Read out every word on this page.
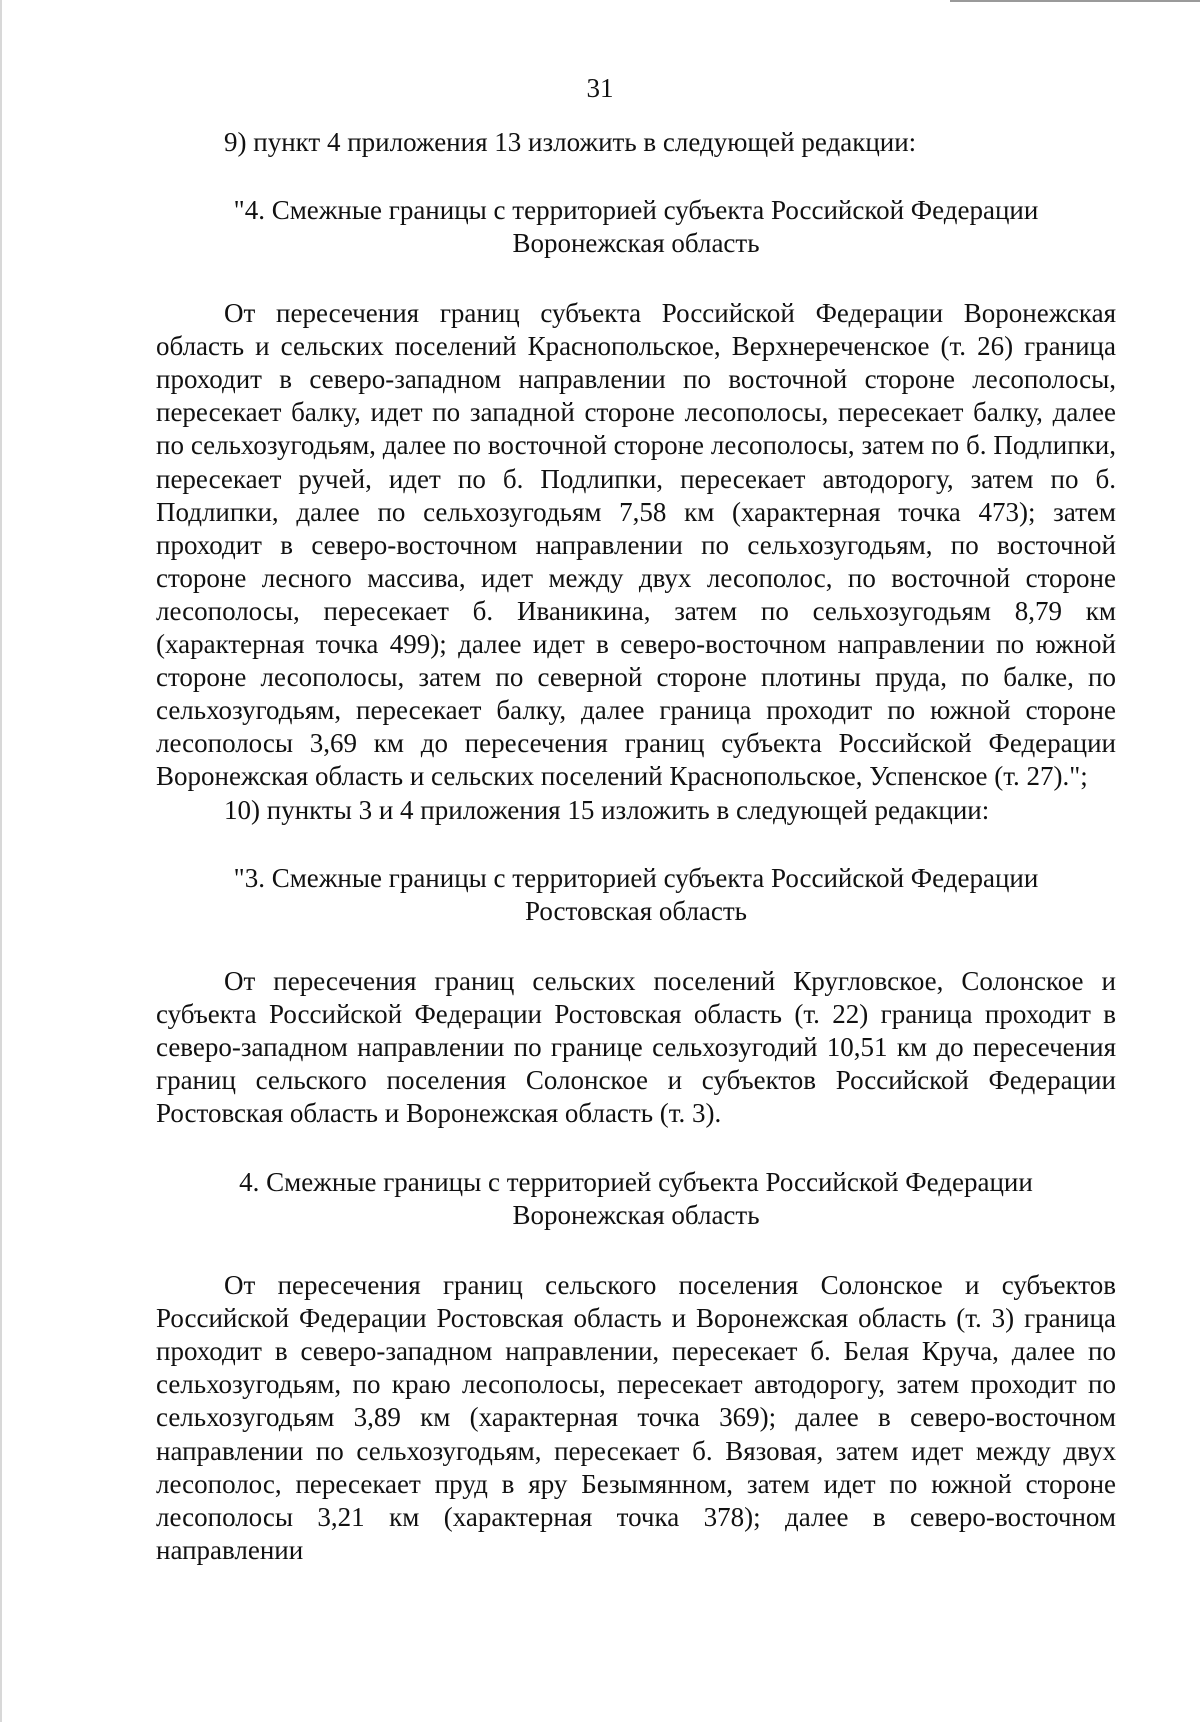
31

9) пункт 4 приложения 13 изложить в следующей редакции:

"4. Смежные границы с территорией субъекта Российской Федерации

Воронежская область

От пересечения границ субъекта Российской Федерации Воронежская область и сельских поселений Краснопольское, Верхнереченское (т. 26) граница проходит в северо-западном направлении по восточной стороне лесополосы, пересекает балку, идет по западной стороне лесополосы, пересекает балку, далее по сельхозугодьям, далее по восточной стороне лесополосы, затем по б. Подлипки, пересекает ручей, идет по б. Подлипки, пересекает автодорогу, затем по б. Подлипки, далее по сельхозугодьям 7,58 км (характерная точка 473); затем проходит в северо-восточном направлении по сельхозугодьям, по восточной стороне лесного массива, идет между двух лесополос, по восточной стороне лесополосы, пересекает б. Иваникина, затем по сельхозугодьям 8,79 км (характерная точка 499); далее идет в северо-восточном направлении по южной стороне лесополосы, затем по северной стороне плотины пруда, по балке, по сельхозугодьям, пересекает балку, далее граница проходит по южной стороне лесополосы 3,69 км до пересечения границ субъекта Российской Федерации Воронежская область и сельских поселений Краснопольское, Успенское (т. 27).";

10) пункты 3 и 4 приложения 15 изложить в следующей редакции:

"3. Смежные границы с территорией субъекта Российской Федерации

Ростовская область

От пересечения границ сельских поселений Кругловское, Солонское и субъекта Российской Федерации Ростовская область (т. 22) граница проходит в северо-западном направлении по границе сельхозугодий 10,51 км до пересечения границ сельского поселения Солонское и субъектов Российской Федерации Ростовская область и Воронежская область (т. 3).

4. Смежные границы с территорией субъекта Российской Федерации

Воронежская область

От пересечения границ сельского поселения Солонское и субъектов Российской Федерации Ростовская область и Воронежская область (т. 3) граница проходит в северо-западном направлении, пересекает б. Белая Круча, далее по сельхозугодьям, по краю лесополосы, пересекает автодорогу, затем проходит по сельхозугодьям 3,89 км (характерная точка 369); далее в северо-восточном направлении по сельхозугодьям, пересекает б. Вязовая, затем идет между двух лесополос, пересекает пруд в яру Безымянном, затем идет по южной стороне лесополосы 3,21 км (характерная точка 378); далее в северо-восточном направлении
